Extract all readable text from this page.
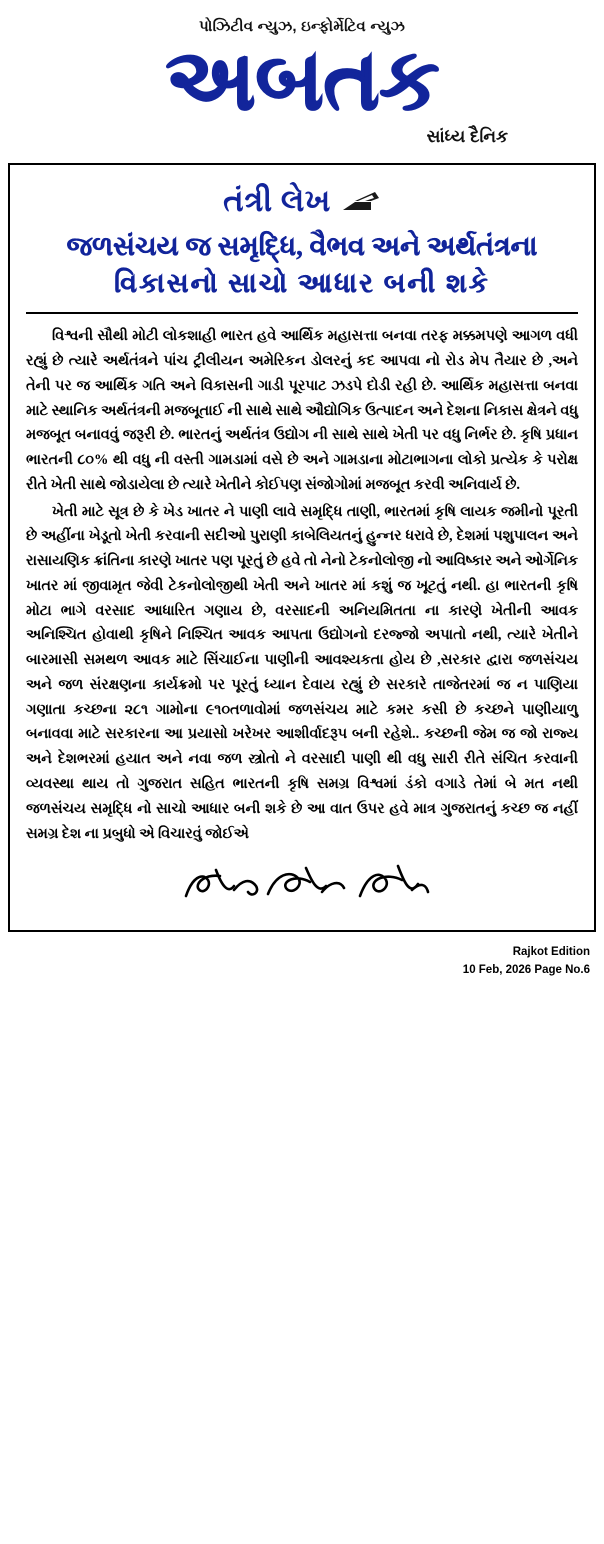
પોઝિટીવ ન્યુઝ, ઇન્ફોર્મેટિવ ન્યુઝ
અબતક
સાંધ્ય દૈનિક
તંત્રી લેખ
જળસંચય જ સમૃદ્ધિ, વૈભવ અને અર્થતંત્રના
વિકાસનો સાચો આધાર બની શકે

વિશ્વની સૌથી મોટી લોકશાહી ભારત હવે આર્થિક મહાસત્તા બનવા તરફ મક્કમપણે આગળ વધી રહ્યું છે ત્યારે અર્થતંત્રને પાંચ ટ્રીલીયન અમેરિકન ડોલરનું કદ આપવા નો રોડ મેપ તૈયાર છે ,અને તેની પર જ આર્થિક ગતિ અને વિકાસની ગાડી પૂરપાટ ઝડપે દોડી રહી છે. આર્થિક મહાસત્તા બનવા માટે સ્થાનિક અર્થતંત્રની મજબૂતાઈ ની સાથે સાથે ઔદ્યોગિક ઉત્પાદન અને દેશના નિકાસ ક્ષેત્રને વધુ મજબૂત બનાવવું જરૂરી છે. ભારતનું અર્થતંત્ર ઉદ્યોગ ની સાથે સાથે ખેતી પર વધુ નિર્ભર છે. કૃષિ પ્રધાન ભારતની ૮૦% થી વધુ ની વસ્તી ગામડામાં વસે છે અને ગામડાના મોટાભાગના લોકો પ્રત્યેક કે પરોક્ષ રીતે ખેતી સાથે જોડાયેલા છે ત્યારે ખેતીને કોઈપણ સંજોગોમાં મજબૂત કરવી અનિવાર્ય છે.

ખેતી માટે સૂત્ર છે કે ખેડ ખાતર ને પાણી લાવે સમૃદ્ધિ તાણી, ભારતમાં કૃષિ લાયક જમીનો પૂરતી છે અહીંના ખેડૂતો ખેતી કરવાની સદીઓ પુરાણી કાબેલિયતનું હુન્નર ધરાવે છે, દેશમાં પશુપાલન અને રાસાયણિક ક્રાંતિના કારણે ખાતર પણ પૂરતું છે હવે તો નેનો ટેકનોલોજી નો આવિષ્કાર અને ઓર્ગેનિક ખાતર માં જીવામૃત જેવી ટેકનોલોજીથી ખેતી અને ખાતર માં કશું જ ખૂટતું નથી. હા ભારતની કૃષિ મોટા ભાગે વરસાદ આધારિત ગણાય છે, વરસાદની અનિયમિતતા ના કારણે ખેતીની આવક અનિશ્ચિત હોવાથી કૃષિને નિશ્ચિત આવક આપતા ઉદ્યોગનો દરજ્જો અપાતો નથી, ત્યારે ખેતીને બારમાસી સમથળ આવક માટે સિંચાઈના પાણીની આવશ્યકતા હોય છે ,સરકાર દ્વારા જળસંચય અને જળ સંરક્ષણના કાર્યક્રમો પર પૂરતું ધ્યાન દેવાય રહ્યું છે સરકારે તાજેતરમાં જ ન પાણિયા ગણાતા કચ્છના ૨૮૧ ગામોના ૯૧૦તળાવોમાં જળસંચય માટે કમર કસી છે કચ્છને પાણીયાળુ બનાવવા માટે સરકારના આ પ્રયાસો ખરેખર આશીર્વાદરૂપ બની રહેશે.. કચ્છની જેમ જ જો રાજ્ય અને દેશભરમાં હયાત અને નવા જળ સ્ત્રોતો ને વરસાદી પાણી થી વધુ સારી રીતે સંચિત કરવાની વ્યવસ્થા થાય તો ગુજરાત સહિત ભારતની કૃષિ સમગ્ર વિશ્વમાં ડંકો વગાડે તેમાં બે મત નથી જળસંચય સમૃદ્ધિ નો સાચો આધાર બની શકે છે આ વાત ઉપર હવે માત્ર ગુજરાતનું કચ્છ જ નહીં સમગ્ર દેશ ના પ્રબુધો એ વિચારવું જોઈએ

Rajkot Edition
10 Feb, 2026 Page No.6
